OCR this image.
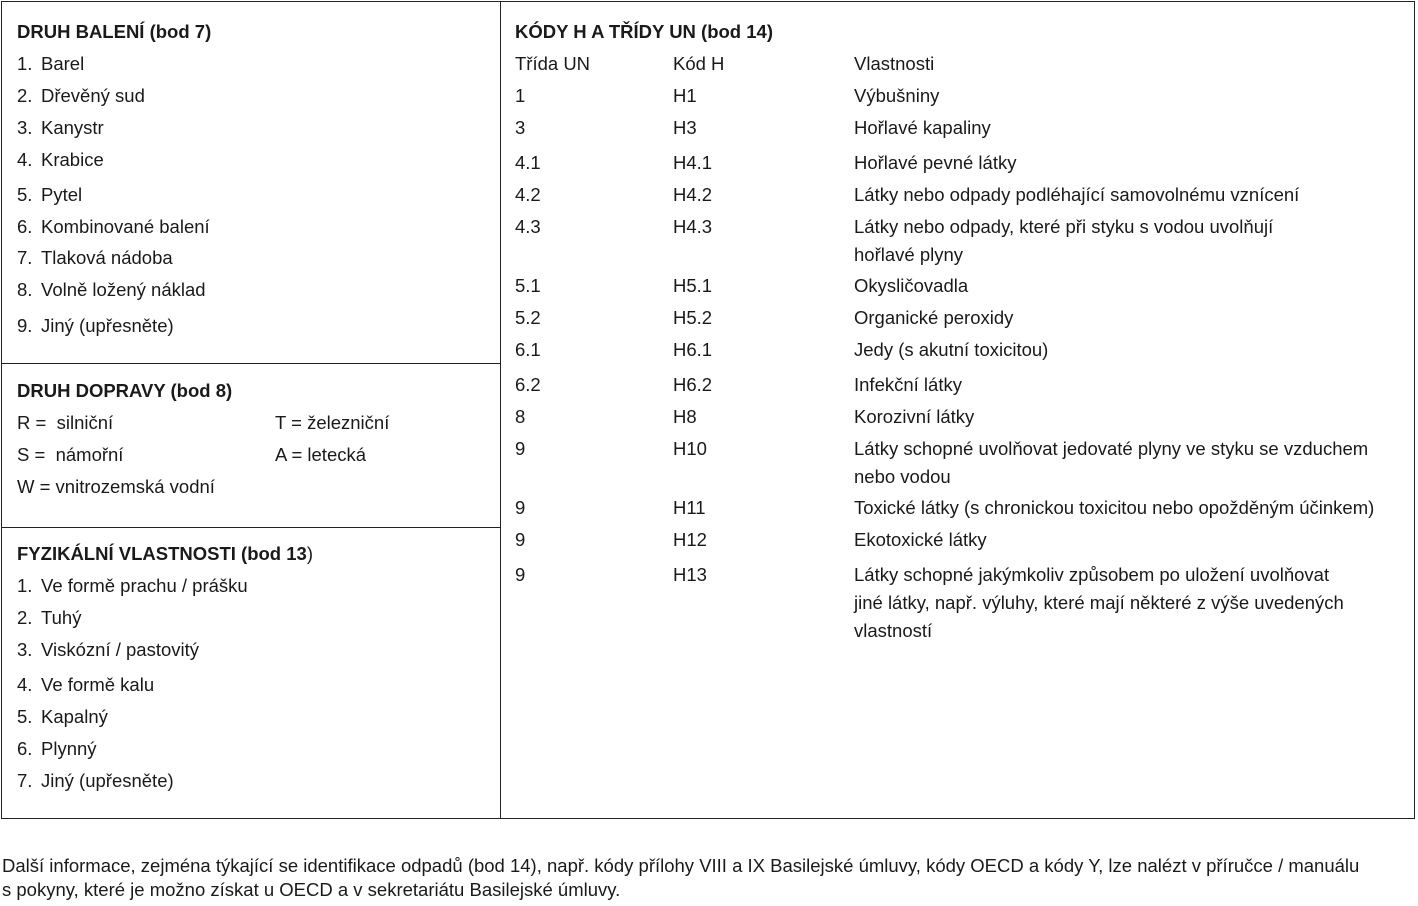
DRUH BALENÍ (bod 7)
1. Barel
2. Dřevěný sud
3. Kanystr
4. Krabice
5. Pytel
6. Kombinované balení
7. Tlaková nádoba
8. Volně ložený náklad
9. Jiný (upřesněte)
DRUH DOPRAVY (bod 8)
R = silniční	T = železniční
S = námořní	A = letecká
W = vnitrozemská vodní
FYZIKÁLNÍ VLASTNOSTI (bod 13)
1. Ve formě prachu / prášku
2. Tuhý
3. Viskózní / pastovitý
4. Ve formě kalu
5. Kapalný
6. Plynný
7. Jiný (upřesněte)
KÓDY H A TŘÍDY UN (bod 14)
Třída UN	Kód H	Vlastnosti
1	H1	Výbušniny
3	H3	Hořlavé kapaliny
4.1	H4.1	Hořlavé pevné látky
4.2	H4.2	Látky nebo odpady podléhající samovolnému vznícení
4.3	H4.3	Látky nebo odpady, které při styku s vodou uvolňují
hořlavé plyny
5.1	H5.1	Okysličovadla
5.2	H5.2	Organické peroxidy
6.1	H6.1	Jedy (s akutní toxicitou)
6.2	H6.2	Infekční látky
8	H8	Korozivní látky
9	H10	Látky schopné uvolňovat jedovaté plyny ve styku se vzduchem
nebo vodou
9	H11	Toxické látky (s chronickou toxicitou nebo opožděným účinkem)
9	H12	Ekotoxické látky
9	H13	Látky schopné jakýmkoliv způsobem po uložení uvolňovat
jiné látky, např. výluhy, které mají některé z výše uvedených
vlastností
Další informace, zejména týkající se identifikace odpadů (bod 14), např. kódy přílohy VIII a IX Basilejské úmluvy, kódy OECD a kódy Y, lze nalézt v příručce / manuálu
s pokyny, které je možno získat u OECD a v sekretariátu Basilejské úmluvy.
